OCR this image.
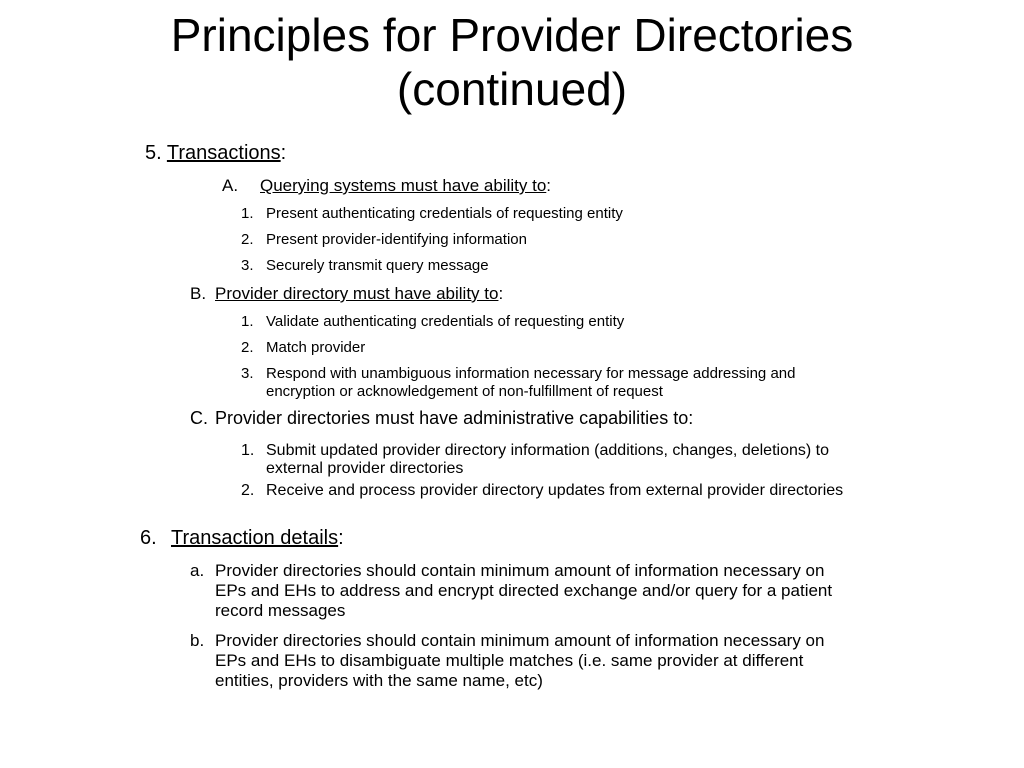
Principles for Provider Directories
(continued)
5. Transactions:
A. Querying systems must have ability to:
1. Present authenticating credentials of requesting entity
2. Present provider-identifying information
3. Securely transmit query message
B. Provider directory must have ability to:
1. Validate authenticating credentials of requesting entity
2. Match provider
3. Respond with unambiguous information necessary for message addressing and
encryption or acknowledgement of non-fulfillment of request
C. Provider directories must have administrative capabilities to:
1. Submit updated provider directory information (additions, changes, deletions) to
external provider directories
2. Receive and process provider directory updates from external provider directories
6. Transaction details:
a. Provider directories should contain minimum amount of information necessary on
EPs and EHs to address and encrypt directed exchange and/or query for a patient
record messages
b. Provider directories should contain minimum amount of information necessary on
EPs and EHs to disambiguate multiple matches (i.e. same provider at different
entities, providers with the same name, etc)
